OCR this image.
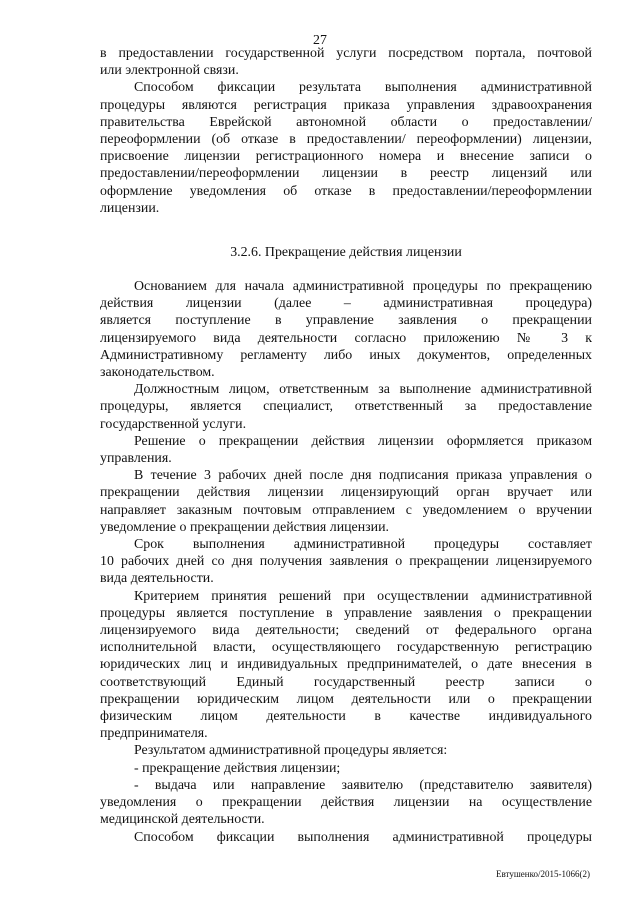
27
в предоставлении государственной услуги посредством портала, почтовой
или электронной связи.
Способом фиксации результата выполнения административной
процедуры являются регистрация приказа управления здравоохранения
правительства Еврейской автономной области о предоставлении/
переоформлении (об отказе в предоставлении/ переоформлении) лицензии,
присвоение лицензии регистрационного номера и внесение записи о
предоставлении/переоформлении лицензии в реестр лицензий или
оформление уведомления об отказе в предоставлении/переоформлении
лицензии.
3.2.6. Прекращение действия лицензии
Основанием для начала административной процедуры по прекращению
действия лицензии (далее – административная процедура)
является поступление в управление заявления о прекращении
лицензируемого вида деятельности согласно приложению № 3 к
Административному регламенту либо иных документов, определенных
законодательством.
Должностным лицом, ответственным за выполнение административной
процедуры, является специалист, ответственный за предоставление
государственной услуги.
Решение о прекращении действия лицензии оформляется приказом
управления.
В течение 3 рабочих дней после дня подписания приказа управления о
прекращении действия лицензии лицензирующий орган вручает или
направляет заказным почтовым отправлением с уведомлением о вручении
уведомление о прекращении действия лицензии.
Срок выполнения административной процедуры составляет
10 рабочих дней со дня получения заявления о прекращении лицензируемого
вида деятельности.
Критерием принятия решений при осуществлении административной
процедуры является поступление в управление заявления о прекращении
лицензируемого вида деятельности; сведений от федерального органа
исполнительной власти, осуществляющего государственную регистрацию
юридических лиц и индивидуальных предпринимателей, о дате внесения в
соответствующий Единый государственный реестр записи о
прекращении юридическим лицом деятельности или о прекращении
физическим лицом деятельности в качестве индивидуального
предпринимателя.
Результатом административной процедуры является:
- прекращение действия лицензии;
- выдача или направление заявителю (представителю заявителя)
уведомления о прекращении действия лицензии на осуществление
медицинской деятельности.
Способом фиксации выполнения административной процедуры
Евтушенко/2015-1066(2)
